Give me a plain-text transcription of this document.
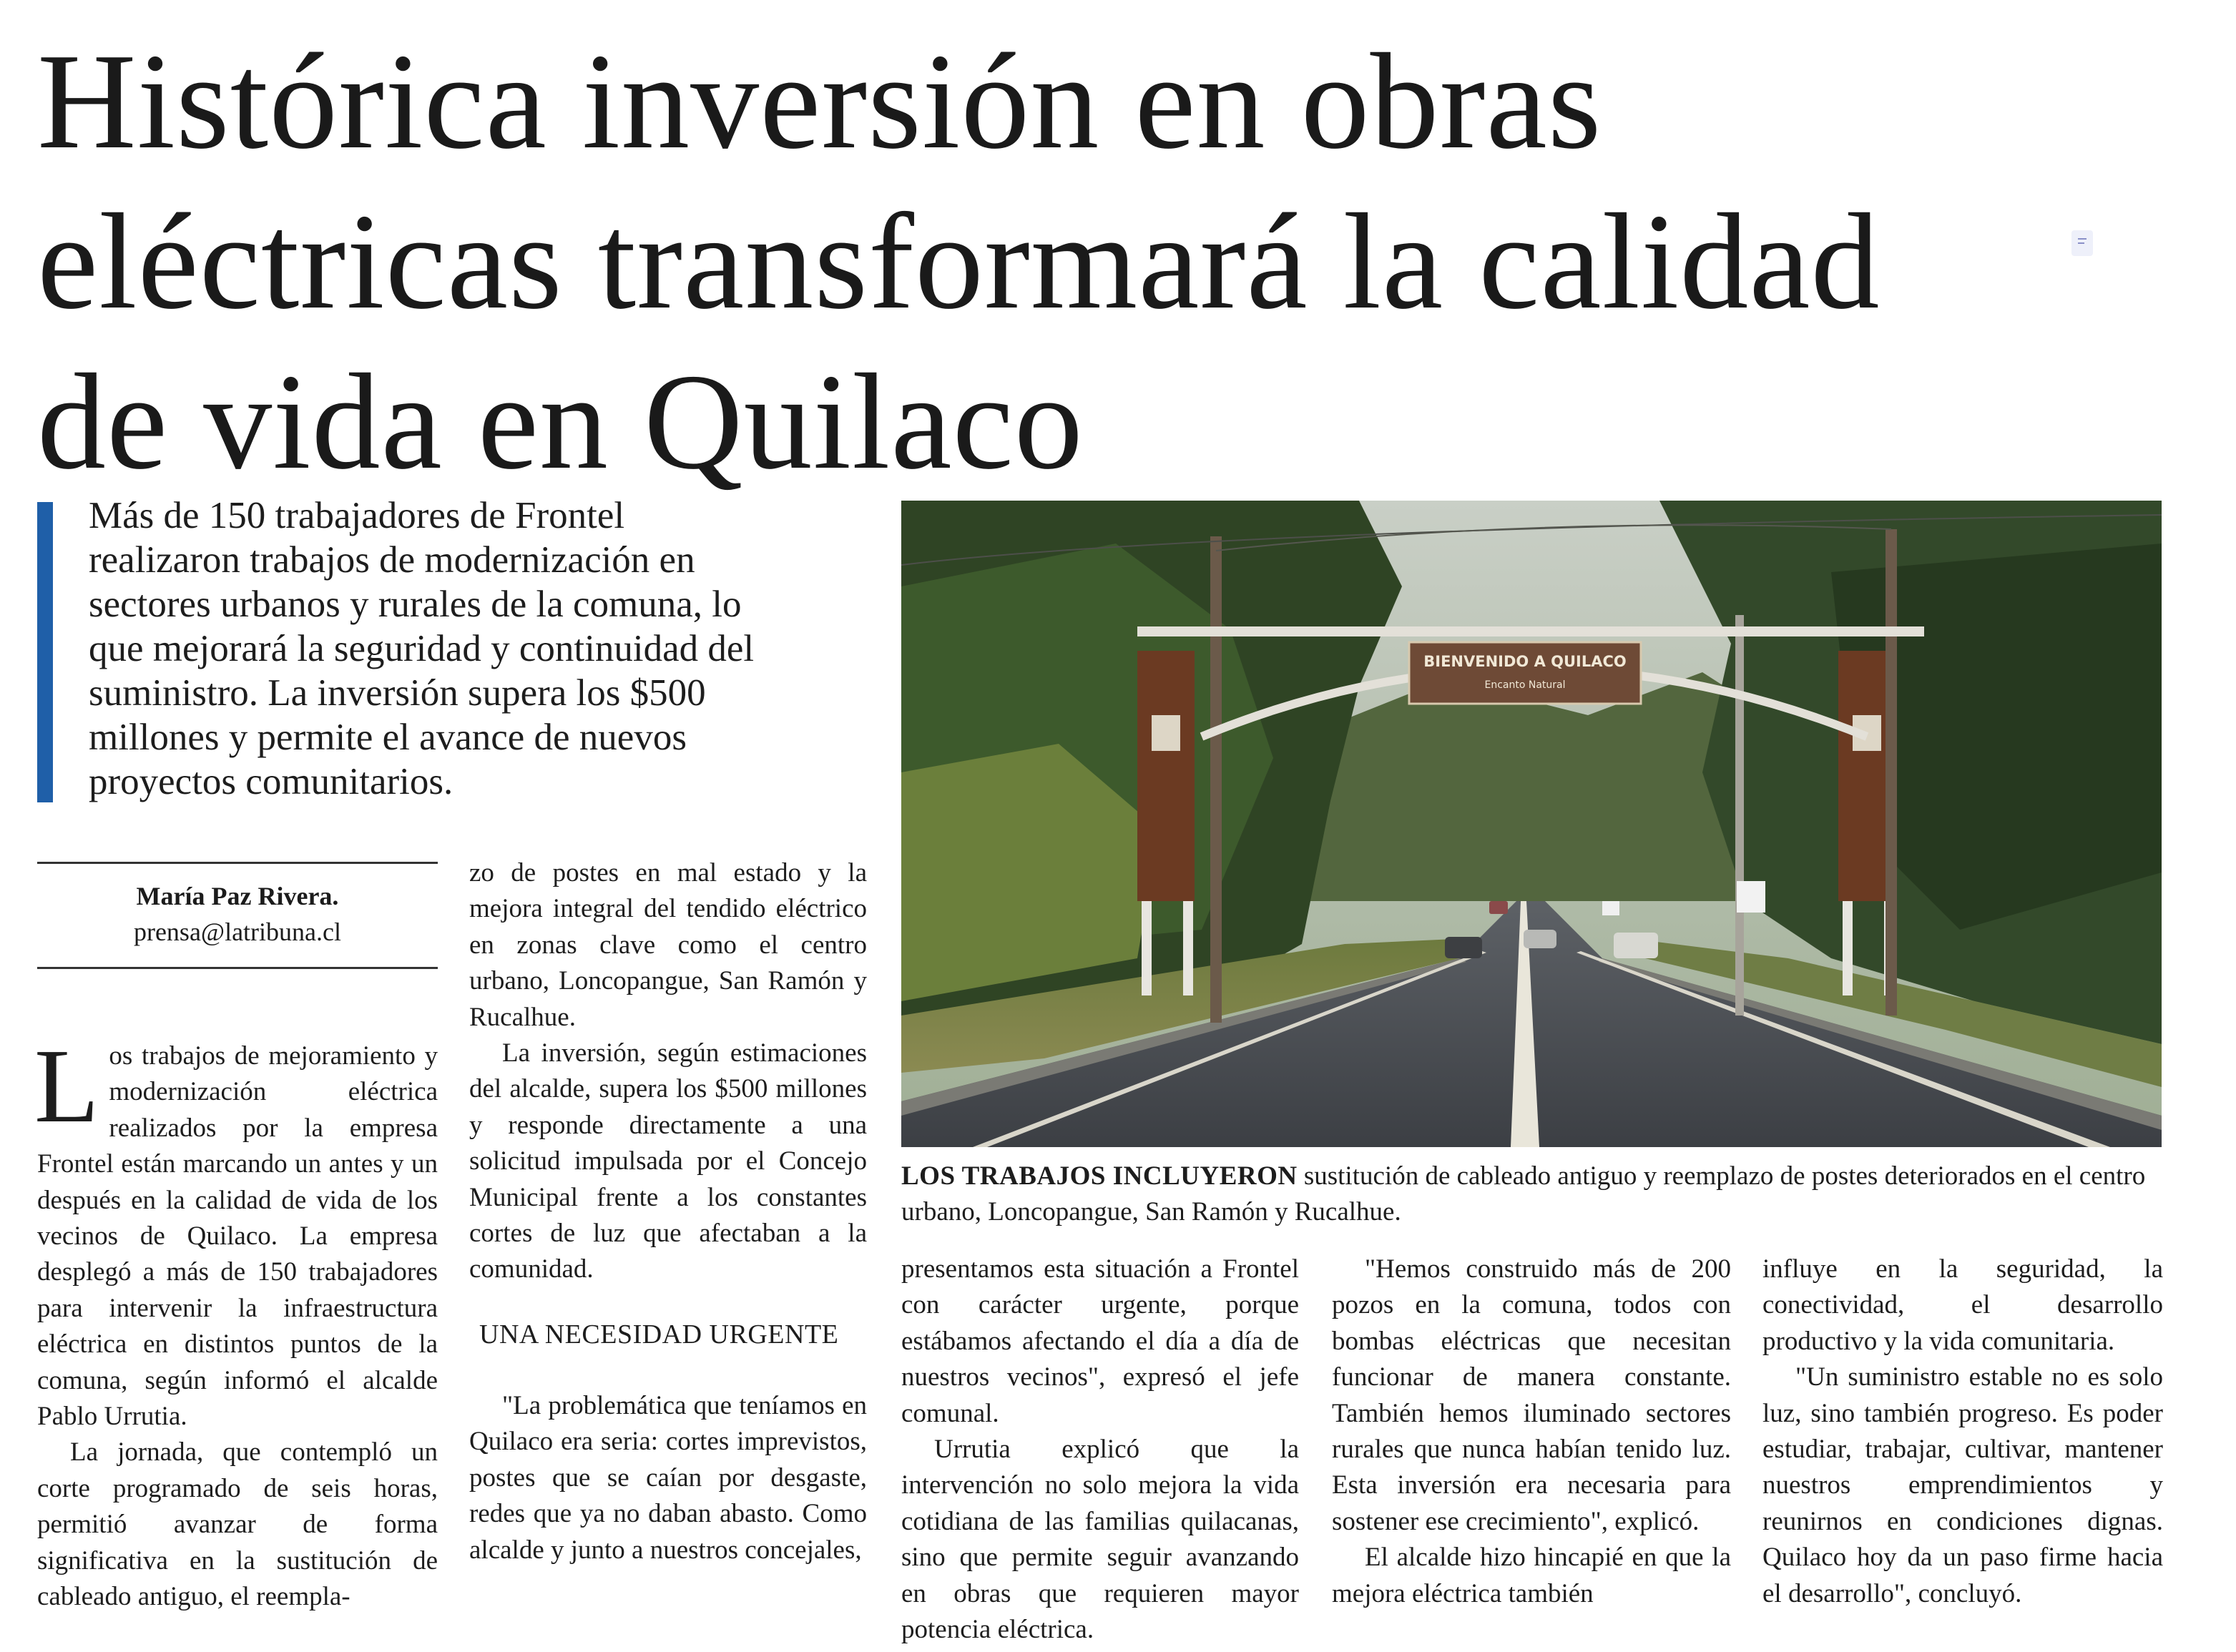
Histórica inversión en obras
eléctricas transformará la calidad
de vida en Quilaco

Más de 150 trabajadores de Frontel
realizaron trabajos de modernización en
sectores urbanos y rurales de la comuna, lo
que mejorará la seguridad y continuidad del
suministro. La inversión supera los $500
millones y permite el avance de nuevos
proyectos comunitarios.

María Paz Rivera.
prensa@latribuna.cl

L os trabajos de mejoramiento y modernización eléctrica realizados por la empresa Frontel están marcando un antes y un después en la calidad de vida de los vecinos de Quilaco. La empresa desplegó a más de 150 trabajadores para intervenir la infraestructura eléctrica en distintos puntos de la comuna, según informó el alcalde Pablo Urrutia.

La jornada, que contempló un corte programado de seis horas, permitió avanzar de forma significativa en la sustitución de cableado antiguo, el reempla-

zo de postes en mal estado y la mejora integral del tendido eléctrico en zonas clave como el centro urbano, Loncopangue, San Ramón y Rucalhue.

La inversión, según estimaciones del alcalde, supera los $500 millones y responde directamente a una solicitud impulsada por el Concejo Municipal frente a los constantes cortes de luz que afectaban a la comunidad.

UNA NECESIDAD URGENTE

"La problemática que teníamos en Quilaco era seria: cortes imprevistos, postes que se caían por desgaste, redes que ya no daban abasto. Como alcalde y junto a nuestros concejales,

BIENVENIDO A QUILACO
Encanto Natural

LOS TRABAJOS INCLUYERON sustitución de cableado antiguo y reemplazo de postes deteriorados en el centro urbano, Loncopangue, San Ramón y Rucalhue.

presentamos esta situación a Frontel con carácter urgente, porque estábamos afectando el día a día de nuestros vecinos", expresó el jefe comunal.

Urrutia explicó que la intervención no solo mejora la vida cotidiana de las familias quilacanas, sino que permite seguir avanzando en obras que requieren mayor potencia eléctrica.

"Hemos construido más de 200 pozos en la comuna, todos con bombas eléctricas que necesitan funcionar de manera constante. También hemos iluminado sectores rurales que nunca habían tenido luz. Esta inversión era necesaria para sostener ese crecimiento", explicó.

El alcalde hizo hincapié en que la mejora eléctrica también

influye en la seguridad, la conectividad, el desarrollo productivo y la vida comunitaria.

"Un suministro estable no es solo luz, sino también progreso. Es poder estudiar, trabajar, cultivar, mantener nuestros emprendimientos y reunirnos en condiciones dignas. Quilaco hoy da un paso firme hacia el desarrollo", concluyó.
